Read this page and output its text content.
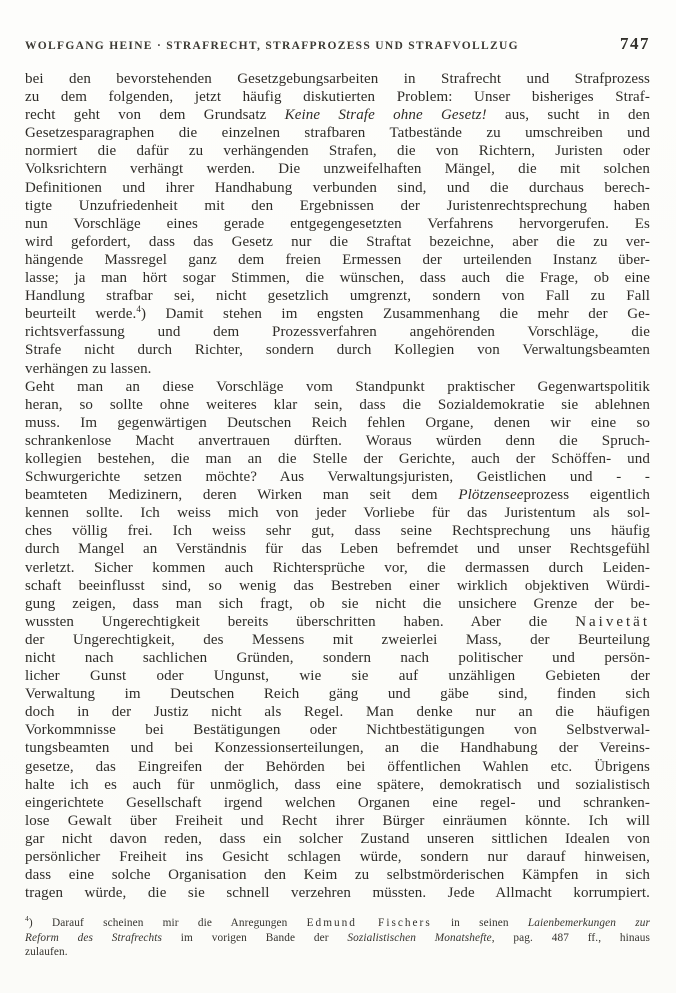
WOLFGANG HEINE · STRAFRECHT, STRAFPROZESS UND STRAFVOLLZUG	747
bei den bevorstehenden Gesetzgebungsarbeiten in Strafrecht und Strafprozess
zu dem folgenden, jetzt häufig diskutierten Problem: Unser bisheriges Straf-
recht geht von dem Grundsatz Keine Strafe ohne Gesetz! aus, sucht in den
Gesetzesparagraphen die einzelnen strafbaren Tatbestände zu umschreiben und
normiert die dafür zu verhängenden Strafen, die von Richtern, Juristen oder
Volksrichtern verhängt werden. Die unzweifelhaften Mängel, die mit solchen
Definitionen und ihrer Handhabung verbunden sind, und die durchaus berech-
tigte Unzufriedenheit mit den Ergebnissen der Juristenrechtsprechung haben
nun Vorschläge eines gerade entgegengesetzten Verfahrens hervorgerufen. Es
wird gefordert, dass das Gesetz nur die Straftat bezeichne, aber die zu ver-
hängende Massregel ganz dem freien Ermessen der urteilenden Instanz über-
lasse; ja man hört sogar Stimmen, die wünschen, dass auch die Frage, ob eine
Handlung strafbar sei, nicht gesetzlich umgrenzt, sondern von Fall zu Fall
beurteilt werde.$^4$) Damit stehen im engsten Zusammenhang die mehr der Ge-
richtsverfassung und dem Prozessverfahren angehörenden Vorschläge, die
Strafe nicht durch Richter, sondern durch Kollegien von Verwaltungsbeamten
verhängen zu lassen.
Geht man an diese Vorschläge vom Standpunkt praktischer Gegenwartspolitik
heran, so sollte ohne weiteres klar sein, dass die Sozialdemokratie sie ablehnen
muss. Im gegenwärtigen Deutschen Reich fehlen Organe, denen wir eine so
schrankenlose Macht anvertrauen dürften. Woraus würden denn die Spruch-
kollegien bestehen, die man an die Stelle der Gerichte, auch der Schöffen- und
Schwurgerichte setzen möchte? Aus Verwaltungsjuristen, Geistlichen und - -
beamteten Medizinern, deren Wirken man seit dem Plötzenseeprozess eigentlich
kennen sollte. Ich weiss mich von jeder Vorliebe für das Juristentum als sol-
ches völlig frei. Ich weiss sehr gut, dass seine Rechtsprechung uns häufig
durch Mangel an Verständnis für das Leben befremdet und unser Rechtsgefühl
verletzt. Sicher kommen auch Richtersprüche vor, die dermassen durch Leiden-
schaft beeinflusst sind, so wenig das Bestreben einer wirklich objektiven Würdi-
gung zeigen, dass man sich fragt, ob sie nicht die unsichere Grenze der be-
wussten Ungerechtigkeit bereits überschritten haben. Aber die Naivetät
der Ungerechtigkeit, des Messens mit zweierlei Mass, der Beurteilung
nicht nach sachlichen Gründen, sondern nach politischer und persön-
licher Gunst oder Ungunst, wie sie auf unzähligen Gebieten der
Verwaltung im Deutschen Reich gäng und gäbe sind, finden sich
doch in der Justiz nicht als Regel. Man denke nur an die häufigen
Vorkommnisse bei Bestätigungen oder Nichtbestätigungen von Selbstverwal-
tungsbeamten und bei Konzessionserteilungen, an die Handhabung der Vereins-
gesetze, das Eingreifen der Behörden bei öffentlichen Wahlen etc. Übrigens
halte ich es auch für unmöglich, dass eine spätere, demokratisch und sozialistisch
eingerichtete Gesellschaft irgend welchen Organen eine regel- und schranken-
lose Gewalt über Freiheit und Recht ihrer Bürger einräumen könnte. Ich will
gar nicht davon reden, dass ein solcher Zustand unseren sittlichen Idealen von
persönlicher Freiheit ins Gesicht schlagen würde, sondern nur darauf hinweisen,
dass eine solche Organisation den Keim zu selbstmörderischen Kämpfen in sich
tragen würde, die sie schnell verzehren müssten. Jede Allmacht korrumpiert.
$^4$) Darauf scheinen mir die Anregungen Edmund Fischers in seinen Laienbemerkungen zur
Reform des Strafrechts im vorigen Bande der Sozialistischen Monatshefte, pag. 487 ff., hinaus
zulaufen.
